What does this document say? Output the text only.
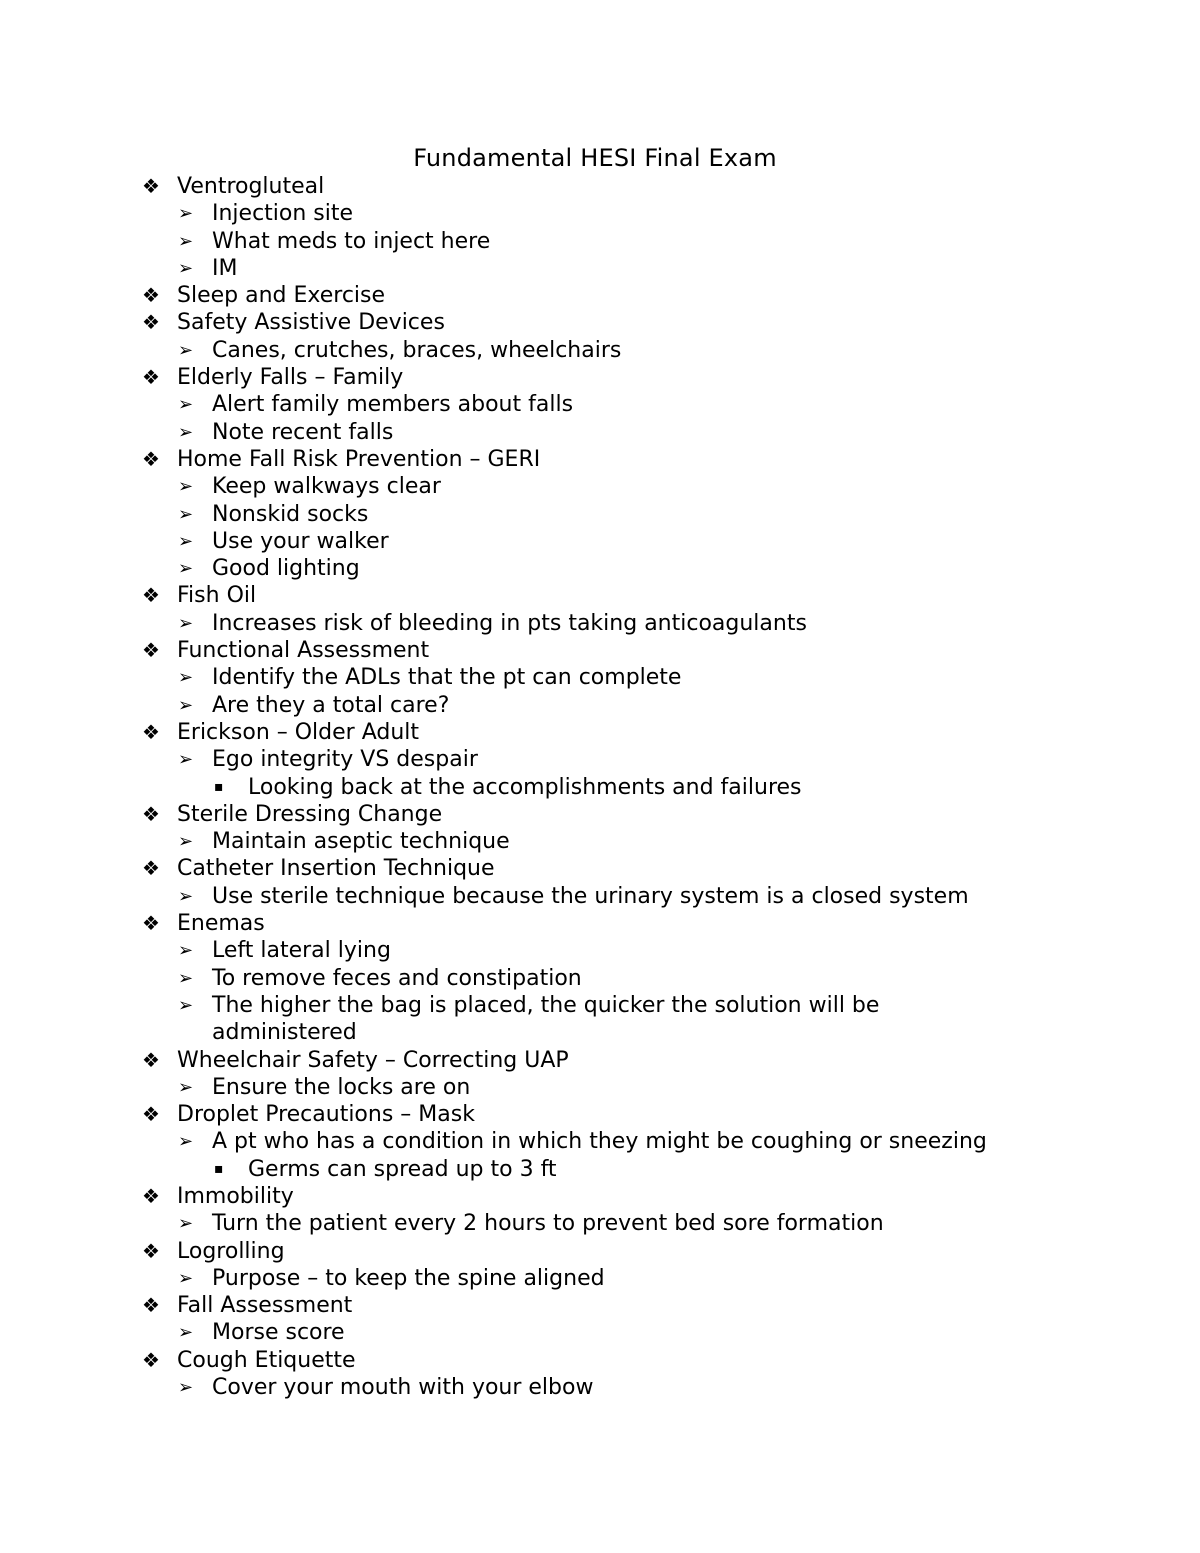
Fundamental HESI Final Exam
❖ Ventrogluteal
➢ Injection site
➢ What meds to inject here
➢ IM
❖ Sleep and Exercise
❖ Safety Assistive Devices
➢ Canes, crutches, braces, wheelchairs
❖ Elderly Falls – Family
➢ Alert family members about falls
➢ Note recent falls
❖ Home Fall Risk Prevention – GERI
➢ Keep walkways clear
➢ Nonskid socks
➢ Use your walker
➢ Good lighting
❖ Fish Oil
➢ Increases risk of bleeding in pts taking anticoagulants
❖ Functional Assessment
➢ Identify the ADLs that the pt can complete
➢ Are they a total care?
❖ Erickson – Older Adult
➢ Ego integrity VS despair
▪	Looking back at the accomplishments and failures
❖ Sterile Dressing Change
➢ Maintain aseptic technique
❖ Catheter Insertion Technique
➢ Use sterile technique because the urinary system is a closed system
❖ Enemas
➢ Left lateral lying
➢ To remove feces and constipation
➢ The higher the bag is placed, the quicker the solution will be
administered
❖ Wheelchair Safety – Correcting UAP
➢ Ensure the locks are on
❖ Droplet Precautions – Mask
➢ A pt who has a condition in which they might be coughing or sneezing
▪	Germs can spread up to 3 ft
❖ Immobility
➢ Turn the patient every 2 hours to prevent bed sore formation
❖ Logrolling
➢ Purpose – to keep the spine aligned
❖ Fall Assessment
➢ Morse score
❖ Cough Etiquette
➢ Cover your mouth with your elbow
